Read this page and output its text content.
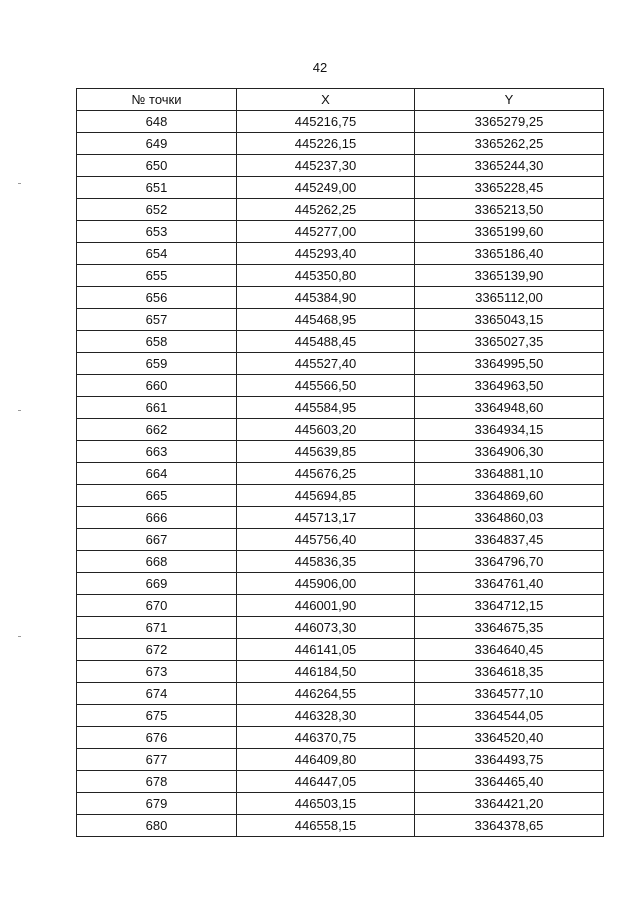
42
№ точки	X	Y
648	445216,75	3365279,25
649	445226,15	3365262,25
650	445237,30	3365244,30
651	445249,00	3365228,45
652	445262,25	3365213,50
653	445277,00	3365199,60
654	445293,40	3365186,40
655	445350,80	3365139,90
656	445384,90	3365112,00
657	445468,95	3365043,15
658	445488,45	3365027,35
659	445527,40	3364995,50
660	445566,50	3364963,50
661	445584,95	3364948,60
662	445603,20	3364934,15
663	445639,85	3364906,30
664	445676,25	3364881,10
665	445694,85	3364869,60
666	445713,17	3364860,03
667	445756,40	3364837,45
668	445836,35	3364796,70
669	445906,00	3364761,40
670	446001,90	3364712,15
671	446073,30	3364675,35
672	446141,05	3364640,45
673	446184,50	3364618,35
674	446264,55	3364577,10
675	446328,30	3364544,05
676	446370,75	3364520,40
677	446409,80	3364493,75
678	446447,05	3364465,40
679	446503,15	3364421,20
680	446558,15	3364378,65
